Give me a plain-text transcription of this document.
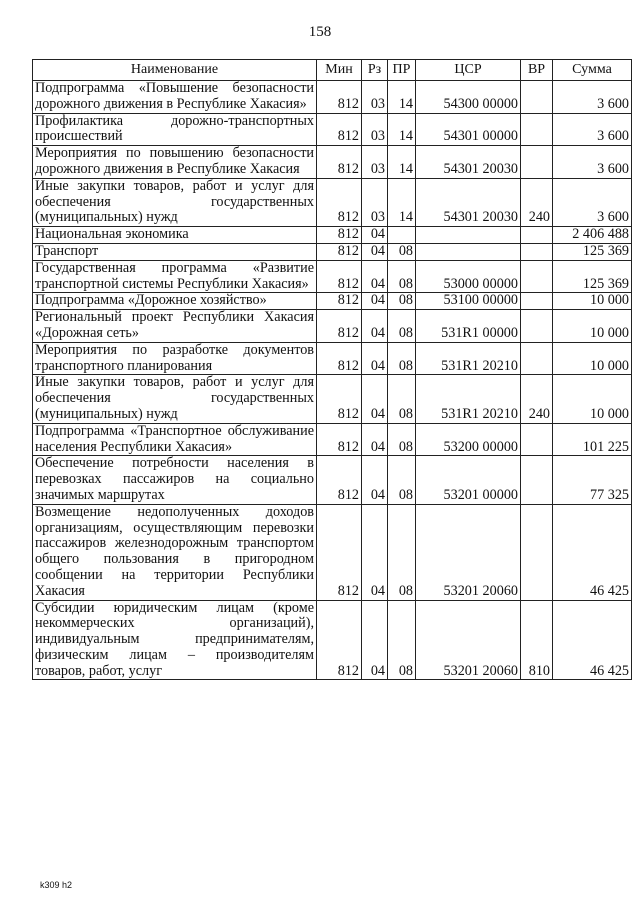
158
Наименование	Мин	Рз	ПР	ЦСР	ВР	Сумма
Подпрограмма «Повышение безопасности дорожного движения в Республике Хакасия»	812	03	14	54300 00000		3 600
Профилактика дорожно-транспортных происшествий	812	03	14	54301 00000		3 600
Мероприятия по повышению безопасности дорожного движения в Республике Хакасия	812	03	14	54301 20030		3 600
Иные закупки товаров, работ и услуг для обеспечения государственных (муниципальных) нужд	812	03	14	54301 20030	240	3 600
Национальная экономика	812	04				2 406 488
Транспорт	812	04	08			125 369
Государственная программа «Развитие транспортной системы Республики Хакасия»	812	04	08	53000 00000		125 369
Подпрограмма «Дорожное хозяйство»	812	04	08	53100 00000		10 000
Региональный проект Республики Хакасия «Дорожная сеть»	812	04	08	531R1 00000		10 000
Мероприятия по разработке документов транспортного планирования	812	04	08	531R1 20210		10 000
Иные закупки товаров, работ и услуг для обеспечения государственных (муниципальных) нужд	812	04	08	531R1 20210	240	10 000
Подпрограмма «Транспортное обслуживание населения Республики Хакасия»	812	04	08	53200 00000		101 225
Обеспечение потребности населения в перевозках пассажиров на социально значимых маршрутах	812	04	08	53201 00000		77 325
Возмещение недополученных доходов организациям, осуществляющим перевозки пассажиров железнодорожным транспортом общего пользования в пригородном сообщении на территории Республики Хакасия	812	04	08	53201 20060		46 425
Субсидии юридическим лицам (кроме некоммерческих организаций), индивидуальным предпринимателям, физическим лицам – производителям товаров, работ, услуг	812	04	08	53201 20060	810	46 425
k309 h2
